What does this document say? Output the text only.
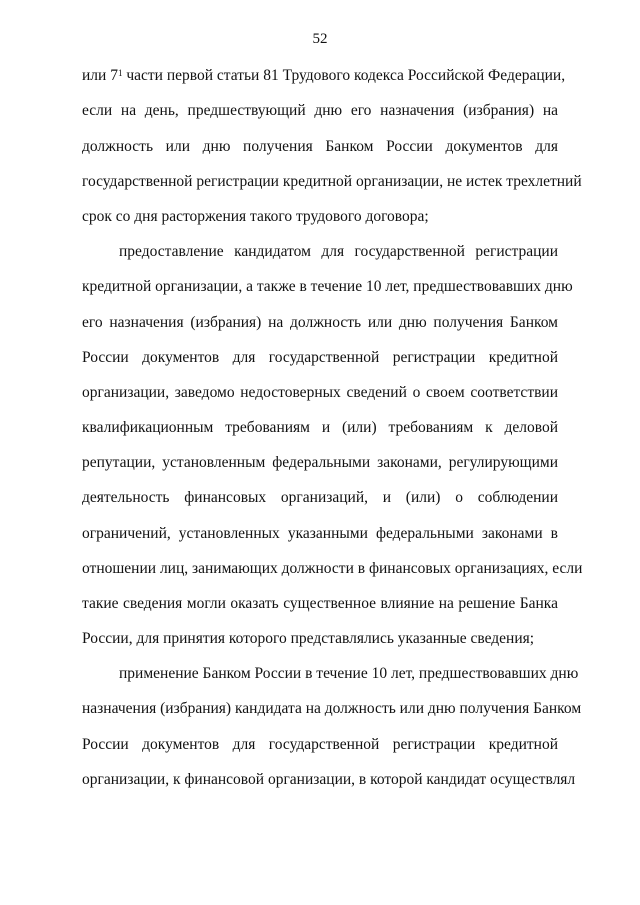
52
или $7^1$ части первой статьи 81 Трудового кодекса Российской Федерации,
если на день, предшествующий дню его назначения (избрания) на
должность или дню получения Банком России документов для
государственной регистрации кредитной организации, не истек трехлетний
срок со дня расторжения такого трудового договора;
предоставление кандидатом для государственной регистрации
кредитной организации, а также в течение 10 лет, предшествовавших дню
его назначения (избрания) на должность или дню получения Банком
России документов для государственной регистрации кредитной
организации, заведомо недостоверных сведений о своем соответствии
квалификационным требованиям и (или) требованиям к деловой
репутации, установленным федеральными законами, регулирующими
деятельность финансовых организаций, и (или) о соблюдении
ограничений, установленных указанными федеральными законами в
отношении лиц, занимающих должности в финансовых организациях, если
такие сведения могли оказать существенное влияние на решение Банка
России, для принятия которого представлялись указанные сведения;
применение Банком России в течение 10 лет, предшествовавших дню
назначения (избрания) кандидата на должность или дню получения Банком
России документов для государственной регистрации кредитной
организации, к финансовой организации, в которой кандидат осуществлял
